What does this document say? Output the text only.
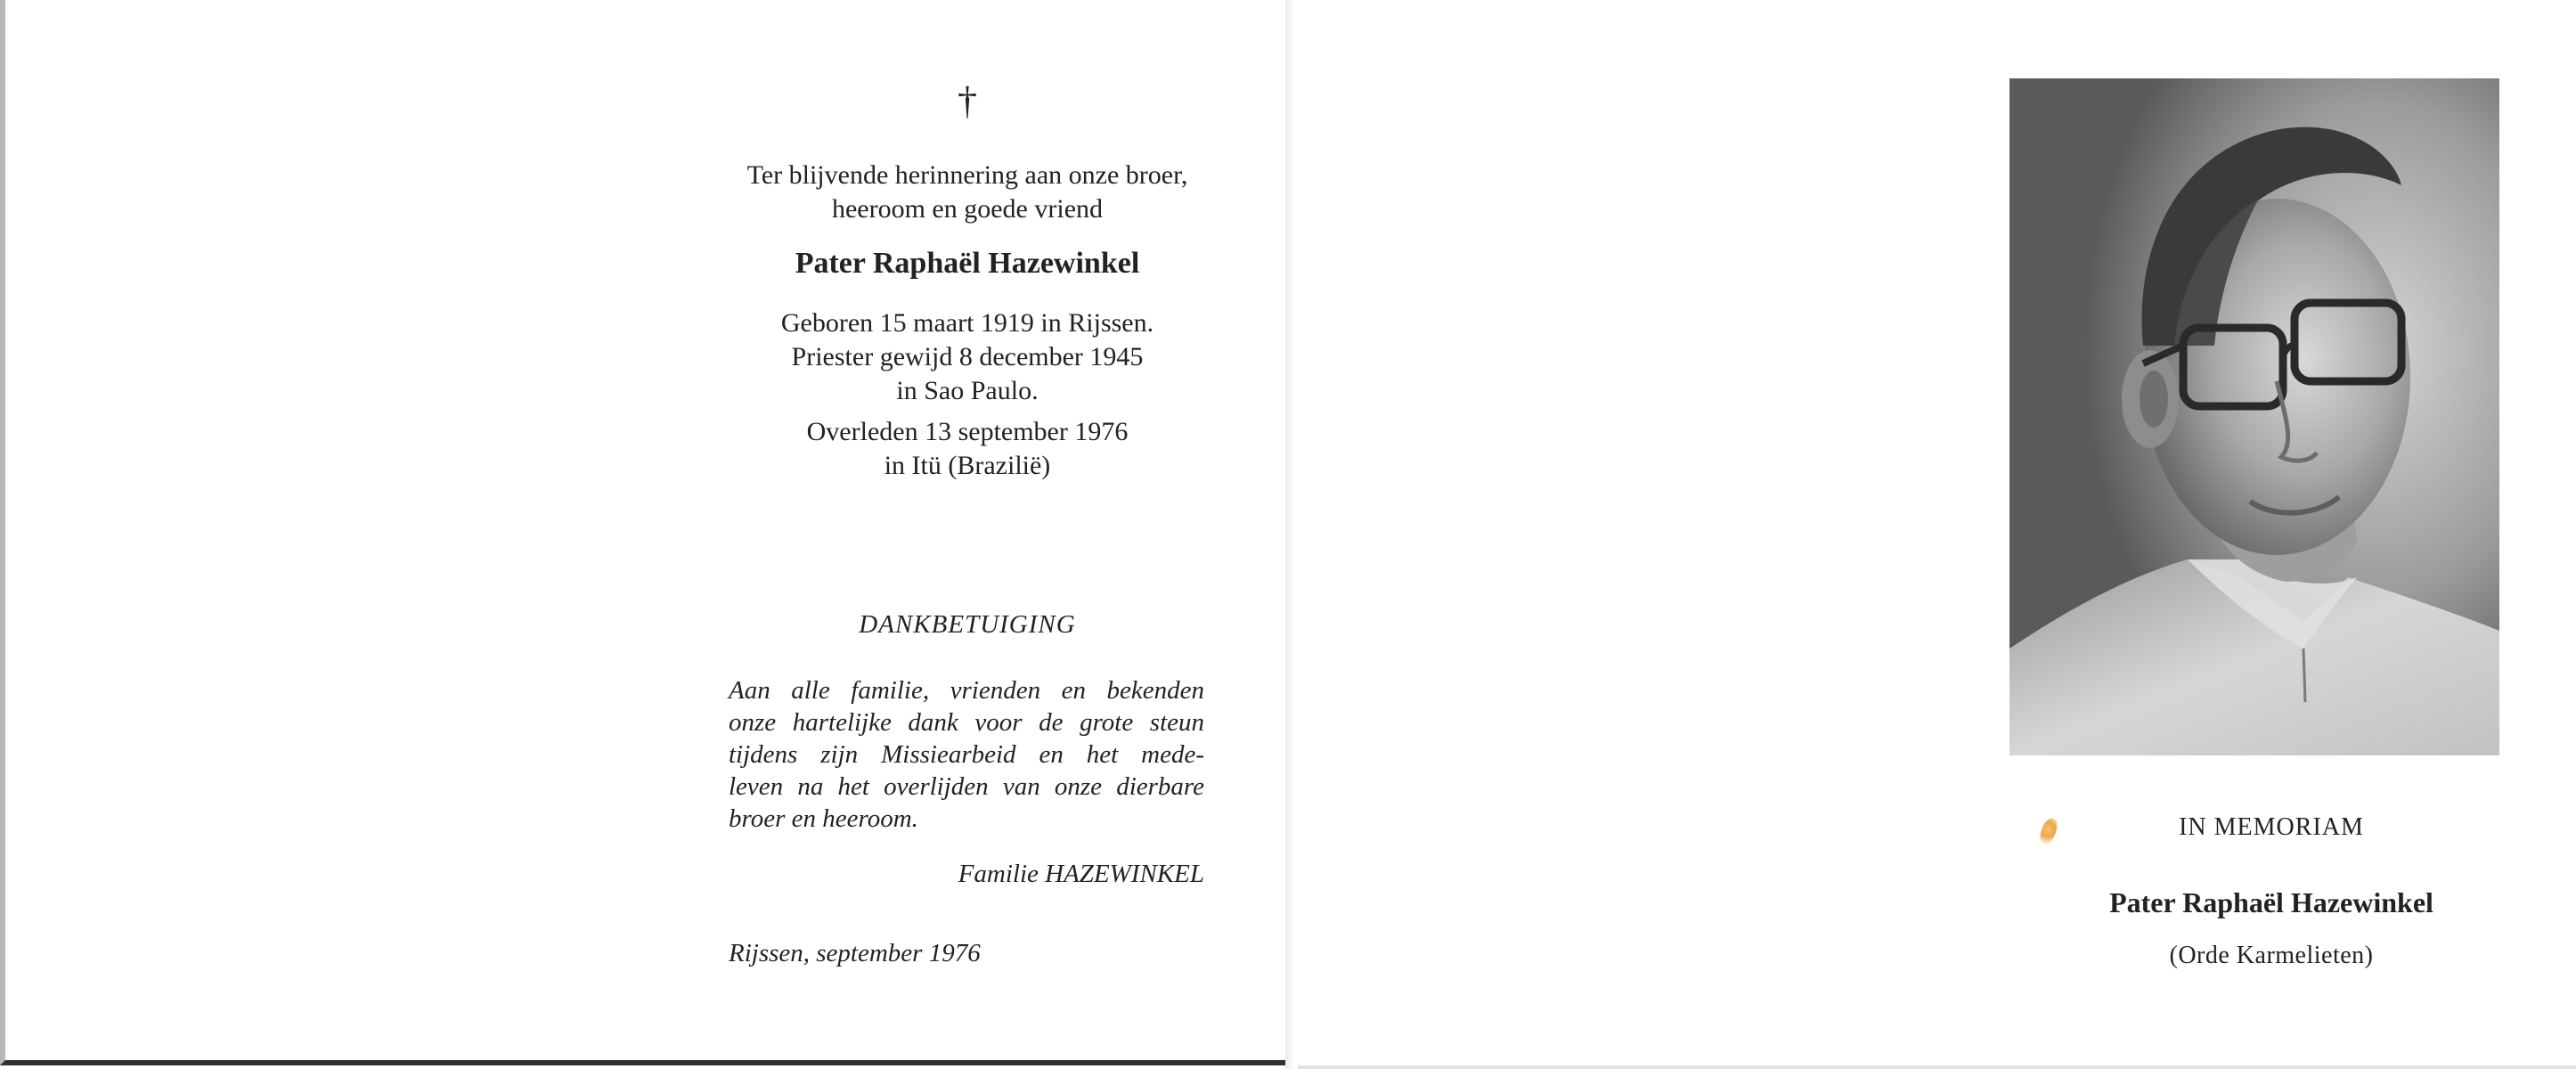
†
Ter blijvende herinnering aan onze broer,
heeroom en goede vriend
Pater Raphaël Hazewinkel
Geboren 15 maart 1919 in Rijssen.
Priester gewijd 8 december 1945
in Sao Paulo.
Overleden 13 september 1976
in Itü (Brazilië)
DANKBETUIGING
Aan alle familie, vrienden en bekenden
onze hartelijke dank voor de grote steun
tijdens zijn Missiearbeid en het mede-
leven na het overlijden van onze dierbare
broer en heeroom.
Familie HAZEWINKEL
Rijssen, september 1976
IN MEMORIAM
Pater Raphaël Hazewinkel
(Orde Karmelieten)
